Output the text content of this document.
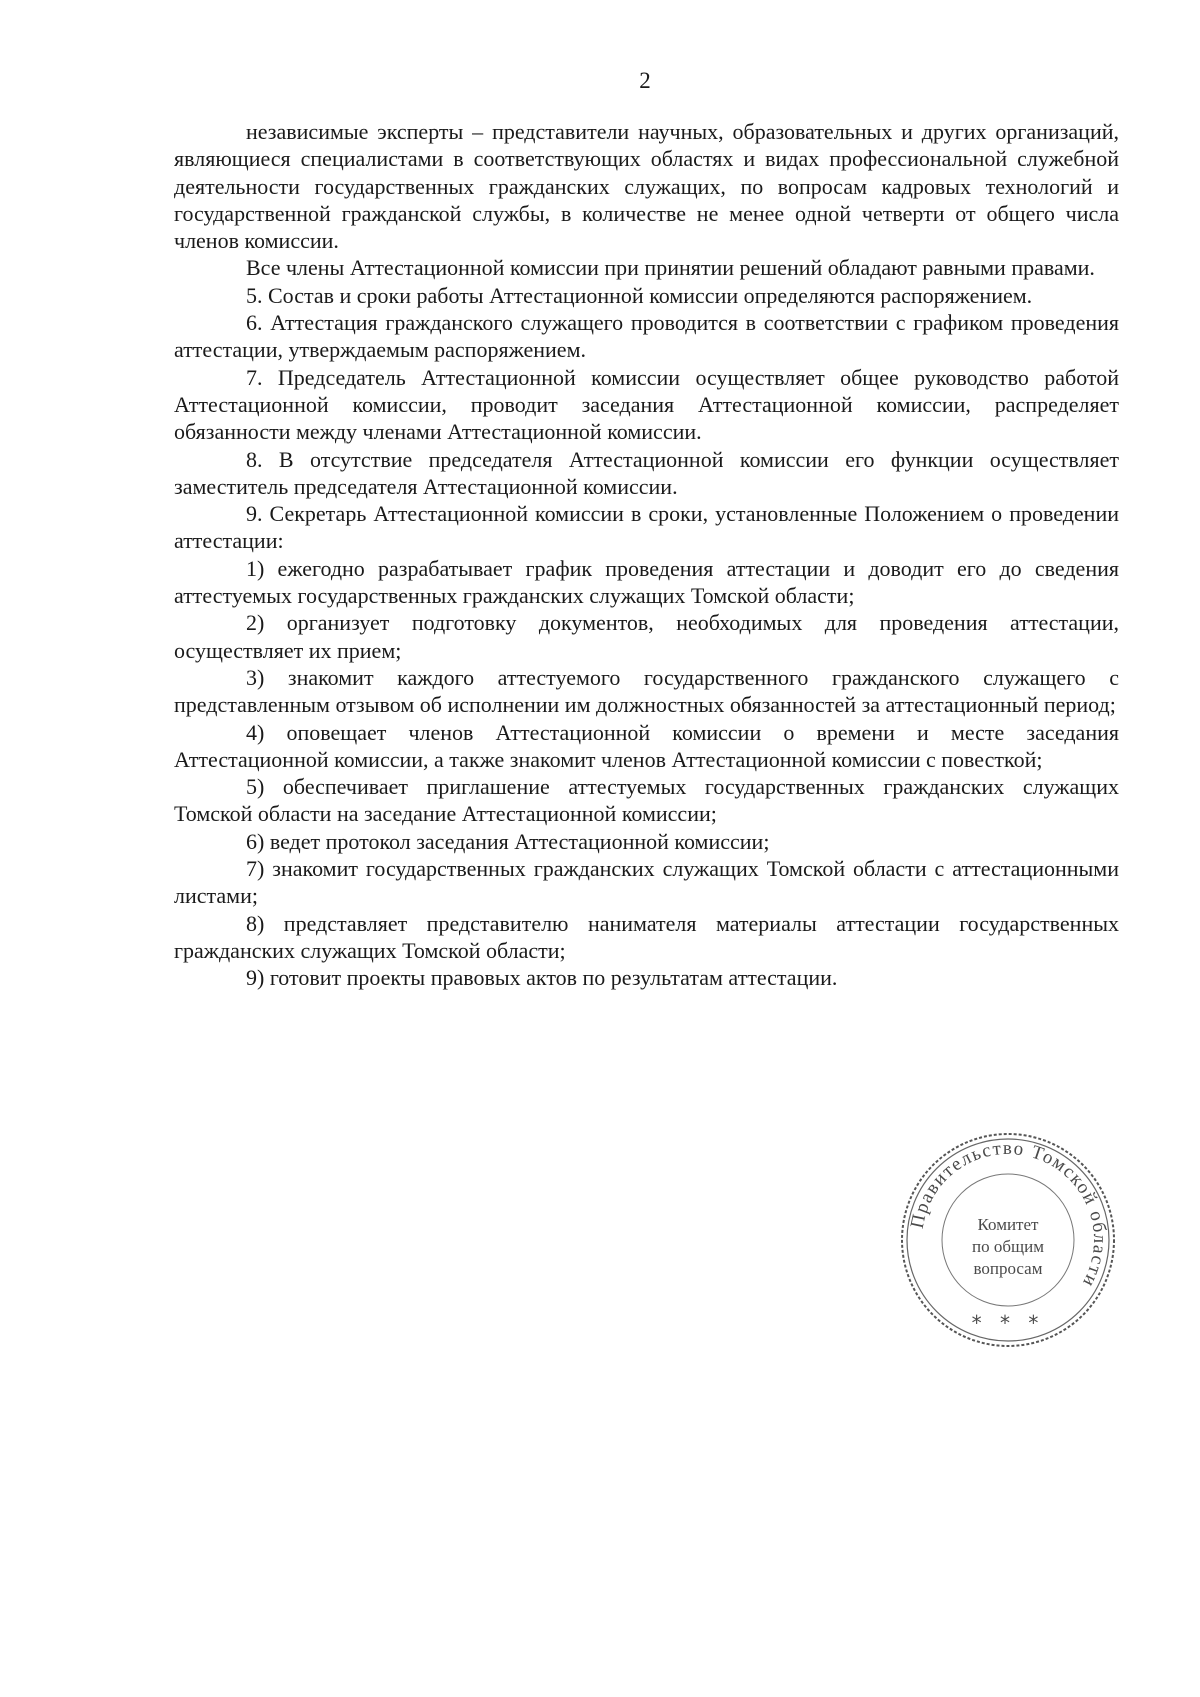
2

независимые эксперты – представители научных, образовательных и других организаций, являющиеся специалистами в соответствующих областях и видах профессиональной служебной деятельности государственных гражданских служащих, по вопросам кадровых технологий и государственной гражданской службы, в количестве не менее одной четверти от общего числа членов комиссии.

Все члены Аттестационной комиссии при принятии решений обладают равными правами.

5. Состав и сроки работы Аттестационной комиссии определяются распоряжением.

6. Аттестация гражданского служащего проводится в соответствии с графиком проведения аттестации, утверждаемым распоряжением.

7. Председатель Аттестационной комиссии осуществляет общее руководство работой Аттестационной комиссии, проводит заседания Аттестационной комиссии, распределяет обязанности между членами Аттестационной комиссии.

8. В отсутствие председателя Аттестационной комиссии его функции осуществляет заместитель председателя Аттестационной комиссии.

9. Секретарь Аттестационной комиссии в сроки, установленные Положением о проведении аттестации:

1) ежегодно разрабатывает график проведения аттестации и доводит его до сведения аттестуемых государственных гражданских служащих Томской области;

2) организует подготовку документов, необходимых для проведения аттестации, осуществляет их прием;

3) знакомит каждого аттестуемого государственного гражданского служащего с представленным отзывом об исполнении им должностных обязанностей за аттестационный период;

4) оповещает членов Аттестационной комиссии о времени и месте заседания Аттестационной комиссии, а также знакомит членов Аттестационной комиссии с повесткой;

5) обеспечивает приглашение аттестуемых государственных гражданских служащих Томской области на заседание Аттестационной комиссии;

6) ведет протокол заседания Аттестационной комиссии;

7) знакомит государственных гражданских служащих Томской области с аттестационными листами;

8) представляет представителю нанимателя материалы аттестации государственных гражданских служащих Томской области;

9) готовит проекты правовых актов по результатам аттестации.

Правительство Томской области
Комитет
по общим
вопросам
* * *
